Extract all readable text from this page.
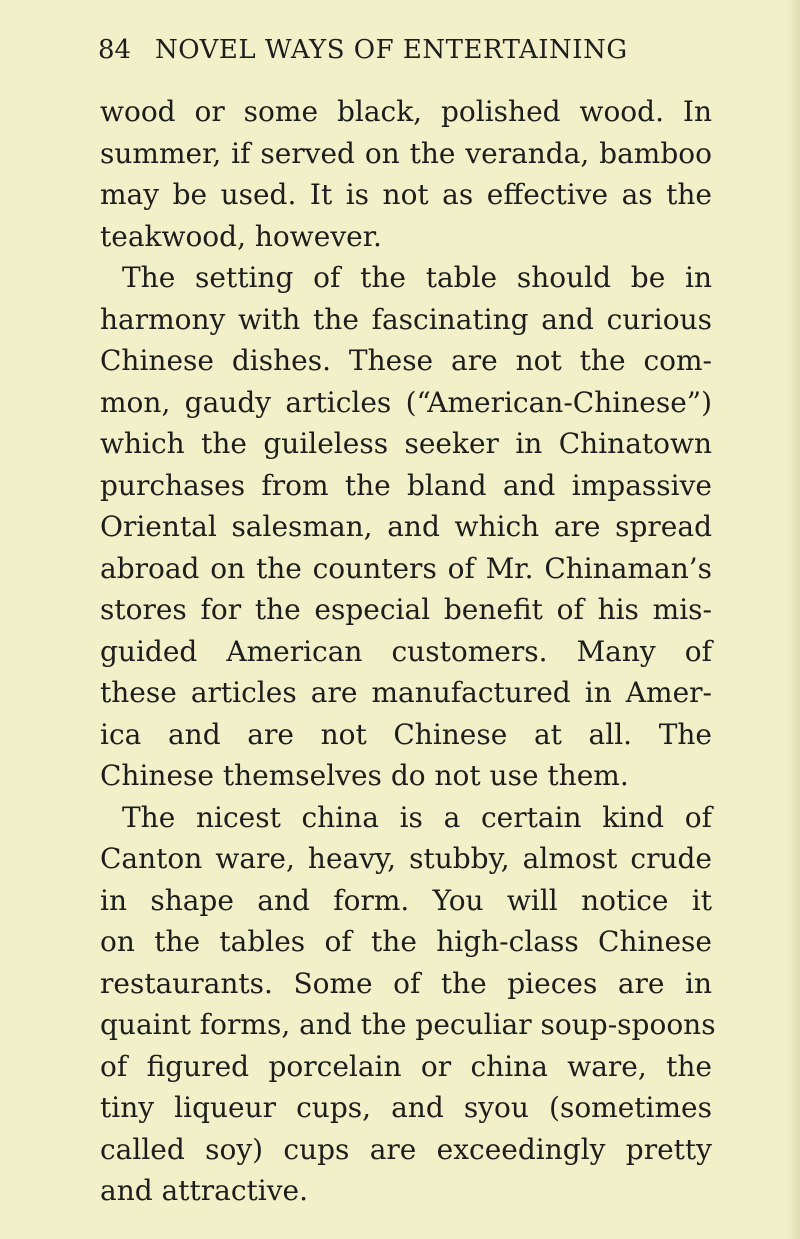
84 NOVEL WAYS OF ENTERTAINING
wood or some black, polished wood. In
summer, if served on the veranda, bamboo
may be used. It is not as effective as the
teakwood, however.
The setting of the table should be in
harmony with the fascinating and curious
Chinese dishes. These are not the com-
mon, gaudy articles (“American-Chinese”)
which the guileless seeker in Chinatown
purchases from the bland and impassive
Oriental salesman, and which are spread
abroad on the counters of Mr. Chinaman’s
stores for the especial benefit of his mis-
guided American customers. Many of
these articles are manufactured in Amer-
ica and are not Chinese at all. The
Chinese themselves do not use them.
The nicest china is a certain kind of
Canton ware, heavy, stubby, almost crude
in shape and form. You will notice it
on the tables of the high-class Chinese
restaurants. Some of the pieces are in
quaint forms, and the peculiar soup-spoons
of figured porcelain or china ware, the
tiny liqueur cups, and syou (sometimes
called soy) cups are exceedingly pretty
and attractive.
